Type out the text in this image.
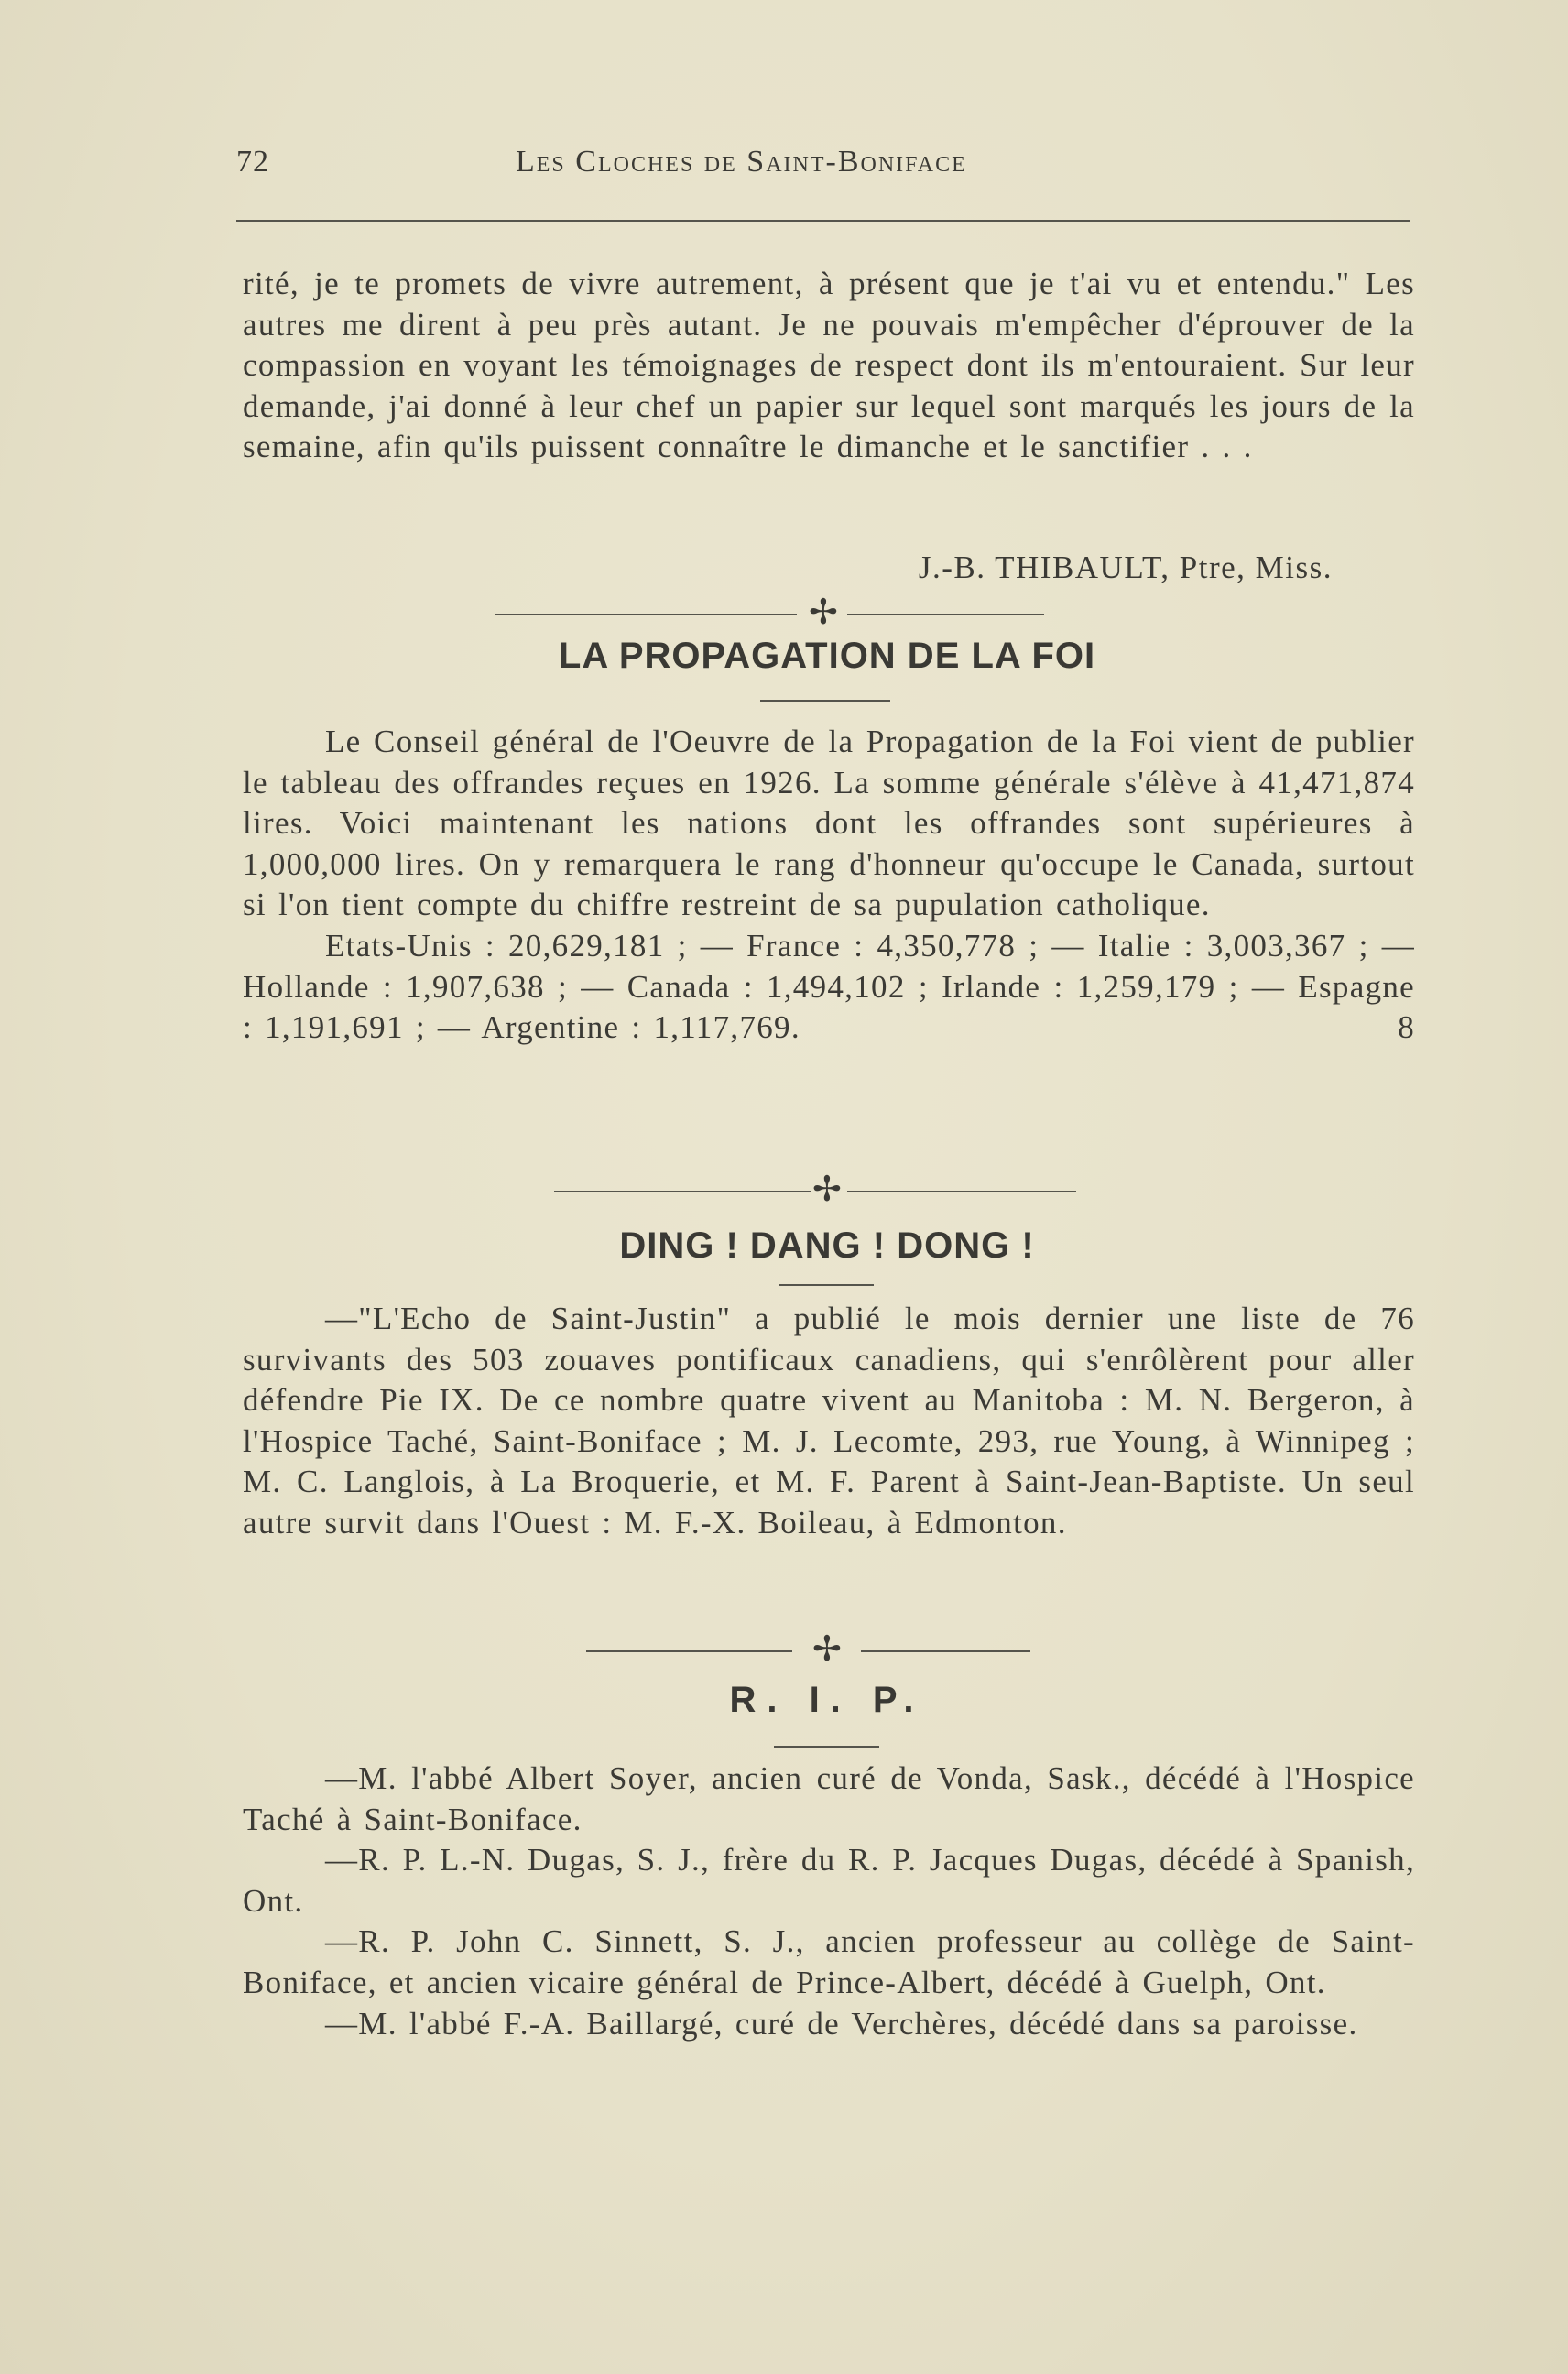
72	Les Cloches de Saint-Boniface

rité, je te promets de vivre autrement, à présent que je t'ai vu et entendu." Les autres me dirent à peu près autant. Je ne pouvais m'empêcher d'éprouver de la compassion en voyant les témoignages de respect dont ils m'entouraient. Sur leur demande, j'ai donné à leur chef un papier sur lequel sont marqués les jours de la semaine, afin qu'ils puissent connaître le dimanche et le sanctifier . . .

J.-B. THIBAULT, Ptre, Miss.
✢
LA PROPAGATION DE LA FOI

Le Conseil général de l'Oeuvre de la Propagation de la Foi vient de publier le tableau des offrandes reçues en 1926. La somme générale s'élève à 41,471,874 lires. Voici maintenant les nations dont les offrandes sont supérieures à 1,000,000 lires. On y remarquera le rang d'honneur qu'occupe le Canada, surtout si l'on tient compte du chiffre restreint de sa pupulation catholique.

Etats-Unis : 20,629,181 ; — France : 4,350,778 ; — Italie : 3,003,367 ; — Hollande : 1,907,638 ; — Canada : 1,494,102 ; Irlande : 1,259,179 ; — Espagne : 1,191,691 ; — Argentine : 1,117,769.	8

✢
DING ! DANG ! DONG !

—"L'Echo de Saint-Justin" a publié le mois dernier une liste de 76 survivants des 503 zouaves pontificaux canadiens, qui s'enrôlèrent pour aller défendre Pie IX. De ce nombre quatre vivent au Manitoba : M. N. Bergeron, à l'Hospice Taché, Saint-Boniface ; M. J. Lecomte, 293, rue Young, à Winnipeg ; M. C. Langlois, à La Broquerie, et M. F. Parent à Saint-Jean-Baptiste. Un seul autre survit dans l'Ouest : M. F.-X. Boileau, à Edmonton.

✢
R. I. P.

—M. l'abbé Albert Soyer, ancien curé de Vonda, Sask., décédé à l'Hospice Taché à Saint-Boniface.

—R. P. L.-N. Dugas, S. J., frère du R. P. Jacques Dugas, décédé à Spanish, Ont.

—R. P. John C. Sinnett, S. J., ancien professeur au collège de Saint-Boniface, et ancien vicaire général de Prince-Albert, décédé à Guelph, Ont.

—M. l'abbé F.-A. Baillargé, curé de Verchères, décédé dans sa paroisse.
